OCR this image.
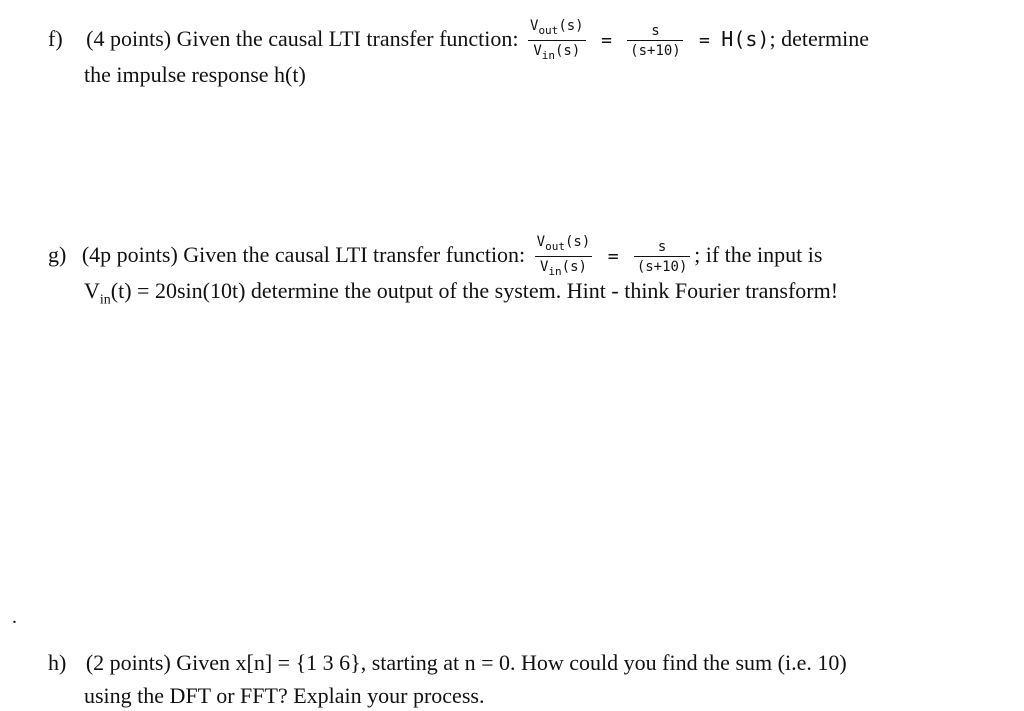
f) (4 points) Given the causal LTI transfer function: $\frac{V_{out}(s)}{V_{in}(s)} = \frac{s}{(s+10)} = H(s)$; determine
the impulse response h(t)
g) (4p points) Given the causal LTI transfer function: $\frac{V_{out}(s)}{V_{in}(s)} = \frac{s}{(s+10)}$ ; if the input is
$V_{in}(t) = 20\sin(10t)$ determine the output of the system. Hint - think Fourier transform!
.
h) (2 points) Given x[n] = {1 3 6}, starting at n = 0. How could you find the sum (i.e. 10)
using the DFT or FFT? Explain your process.
